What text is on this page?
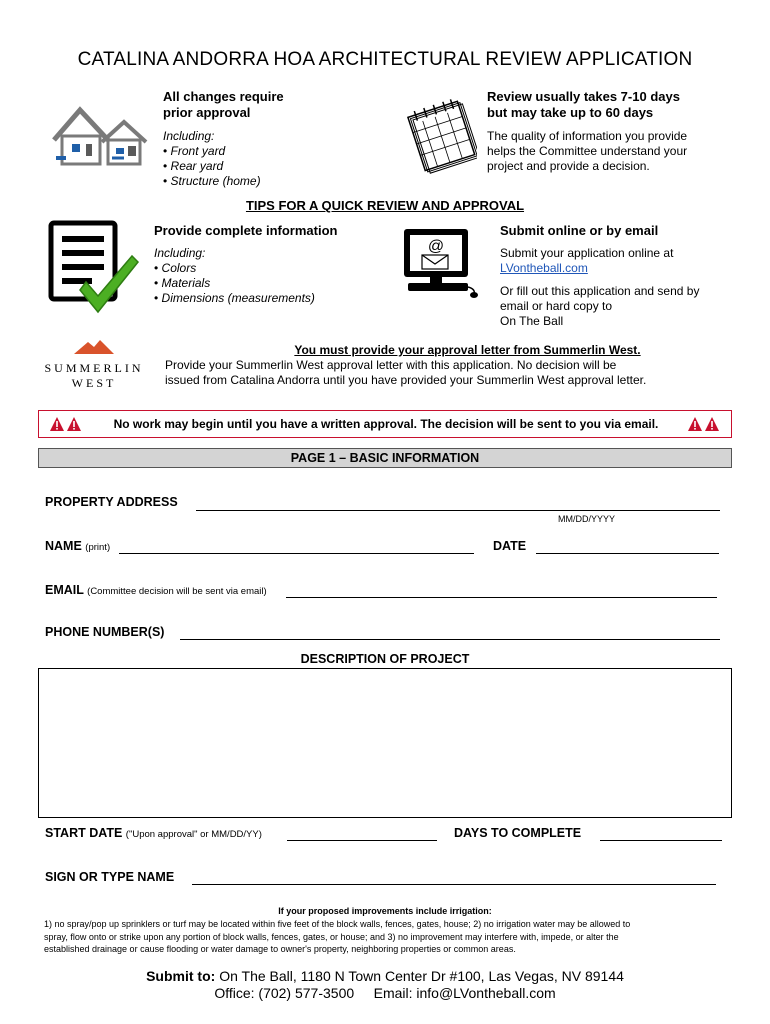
CATALINA ANDORRA HOA ARCHITECTURAL REVIEW APPLICATION
All changes require
prior approval
Including:
• Front yard
• Rear yard
• Structure (home)
Review usually takes 7-10 days
but may take up to 60 days
The quality of information you provide
helps the Committee understand your
project and provide a decision.
TIPS FOR A QUICK REVIEW AND APPROVAL
Provide complete information
Including:
• Colors
• Materials
• Dimensions (measurements)
@
Submit online or by email
Submit your application online at
LVontheball.com
Or fill out this application and send by
email or hard copy to
On The Ball
SUMMERLIN
WEST
You must provide your approval letter from Summerlin West.
Provide your Summerlin West approval letter with this application. No decision will be
issued from Catalina Andorra until you have provided your Summerlin West approval letter.
No work may begin until you have a written approval. The decision will be sent to you via email.
PAGE 1 – BASIC INFORMATION
PROPERTY ADDRESS
MM/DD/YYYY
NAME (print)	DATE
EMAIL (Committee decision will be sent via email)
PHONE NUMBER(S)
DESCRIPTION OF PROJECT
START DATE ("Upon approval" or MM/DD/YY)	DAYS TO COMPLETE
SIGN OR TYPE NAME
If your proposed improvements include irrigation:
1) no spray/pop up sprinklers or turf may be located within five feet of the block walls, fences, gates, house; 2) no irrigation water may be allowed to
spray, flow onto or strike upon any portion of block walls, fences, gates, or house; and 3) no improvement may interfere with, impede, or alter the
established drainage or cause flooding or water damage to owner's property, neighboring properties or common areas.
Submit to: On The Ball, 1180 N Town Center Dr #100, Las Vegas, NV 89144
Office: (702) 577-3500 Email: info@LVontheball.com
